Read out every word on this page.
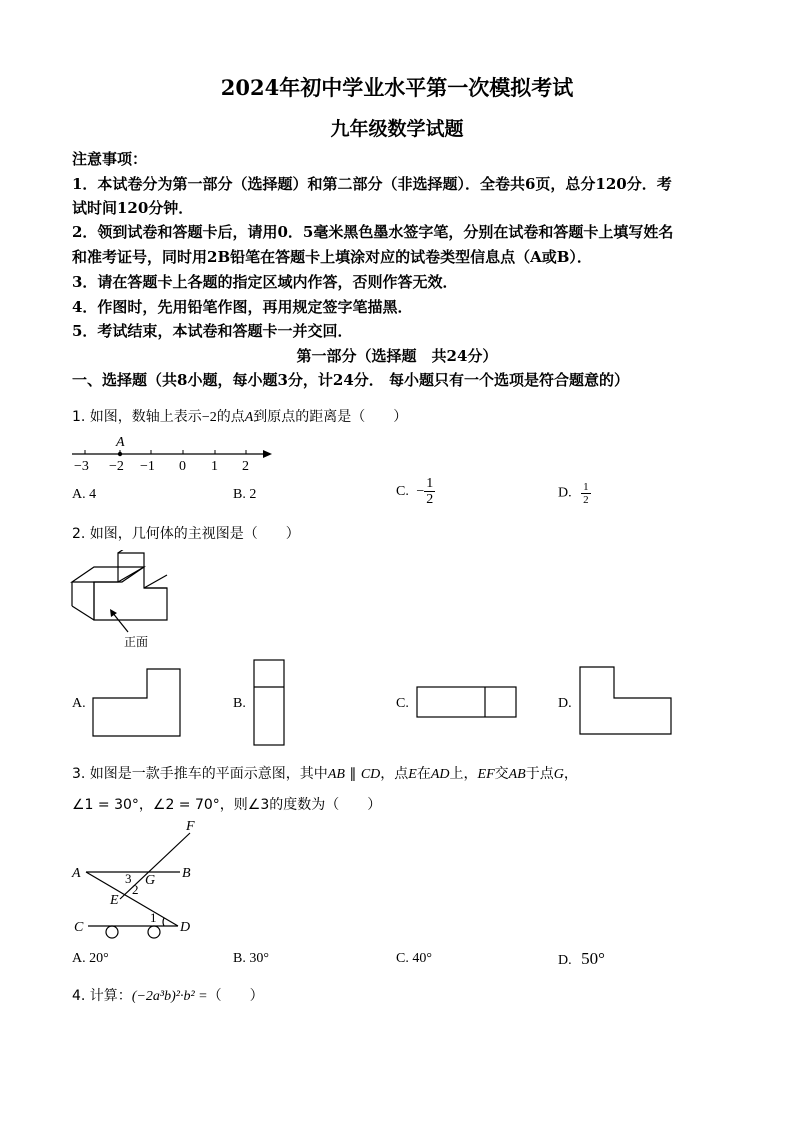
2024年初中学业水平第一次模拟考试
九年级数学试题
注意事项：
1．本试卷分为第一部分（选择题）和第二部分（非选择题）．全卷共6页，总分120分．考
试时间120分钟．
2．领到试卷和答题卡后，请用0．5毫米黑色墨水签字笔，分别在试卷和答题卡上填写姓名
和准考证号，同时用2B铅笔在答题卡上填涂对应的试卷类型信息点（A或B）．
3．请在答题卡上各题的指定区域内作答，否则作答无效．
4．作图时，先用铅笔作图，再用规定签字笔描黑．
5．考试结束，本试卷和答题卡一并交回．
第一部分（选择题　共24分）
一、选择题（共8小题，每小题3分，计24分． 每小题只有一个选项是符合题意的）
1. 如图，数轴上表示−2的点A到原点的距离是（　　）
A
−3 −2 −1 0 1 2
A. 4	B. 2	C. − $\frac{1}{2}$	D. $\frac{1}{2}$
2. 如图，几何体的主视图是（　　）
正面
A.	B.	C.	D.
3. 如图是一款手推车的平面示意图，其中AB ∥ CD，点E在AD上，EF交AB于点G，
∠1 = 30°，∠2 = 70°，则∠3的度数为（　　）
A	B
C	D
E
F
G
1
2
3
A. 20°	B. 30°	C. 40°	D. 50°
4. 计算：(−2a³b)²·b² =（　　）
